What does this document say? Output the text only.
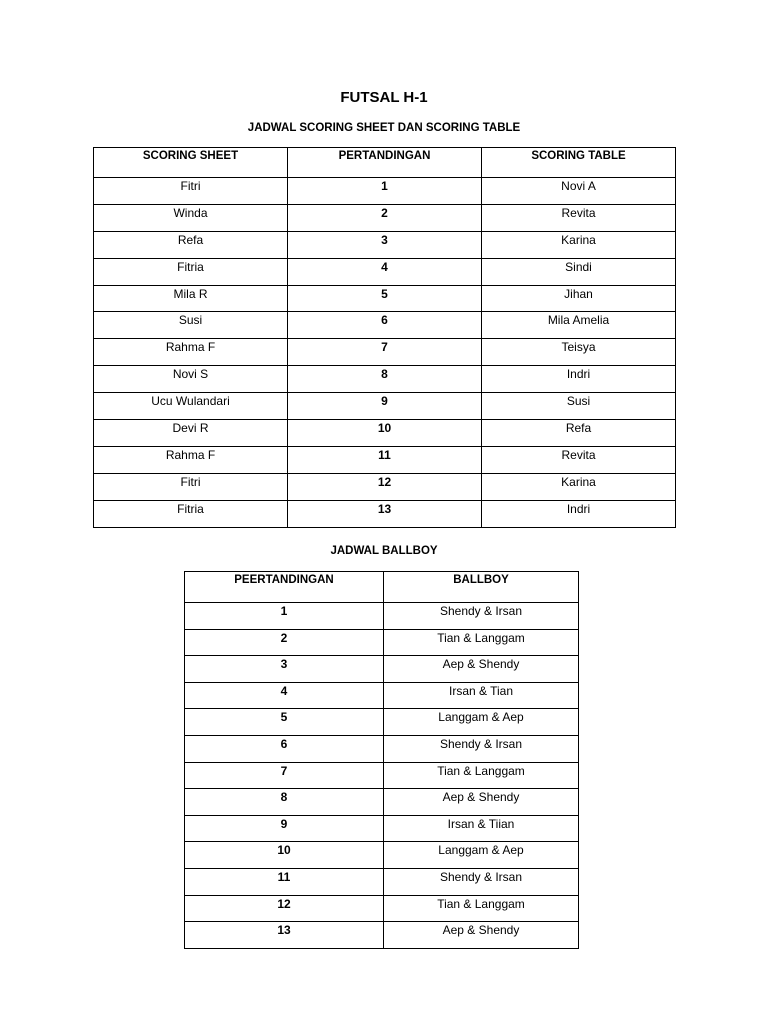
FUTSAL H-1
JADWAL SCORING SHEET DAN SCORING TABLE
SCORING SHEET	PERTANDINGAN	SCORING TABLE
Fitri	1	Novi A
Winda	2	Revita
Refa	3	Karina
Fitria	4	Sindi
Mila R	5	Jihan
Susi	6	Mila Amelia
Rahma F	7	Teisya
Novi S	8	Indri
Ucu Wulandari	9	Susi
Devi R	10	Refa
Rahma F	11	Revita
Fitri	12	Karina
Fitria	13	Indri
JADWAL BALLBOY
PEERTANDINGAN	BALLBOY
1	Shendy & Irsan
2	Tian & Langgam
3	Aep & Shendy
4	Irsan & Tian
5	Langgam & Aep
6	Shendy & Irsan
7	Tian & Langgam
8	Aep & Shendy
9	Irsan & Tiian
10	Langgam & Aep
11	Shendy & Irsan
12	Tian & Langgam
13	Aep & Shendy
